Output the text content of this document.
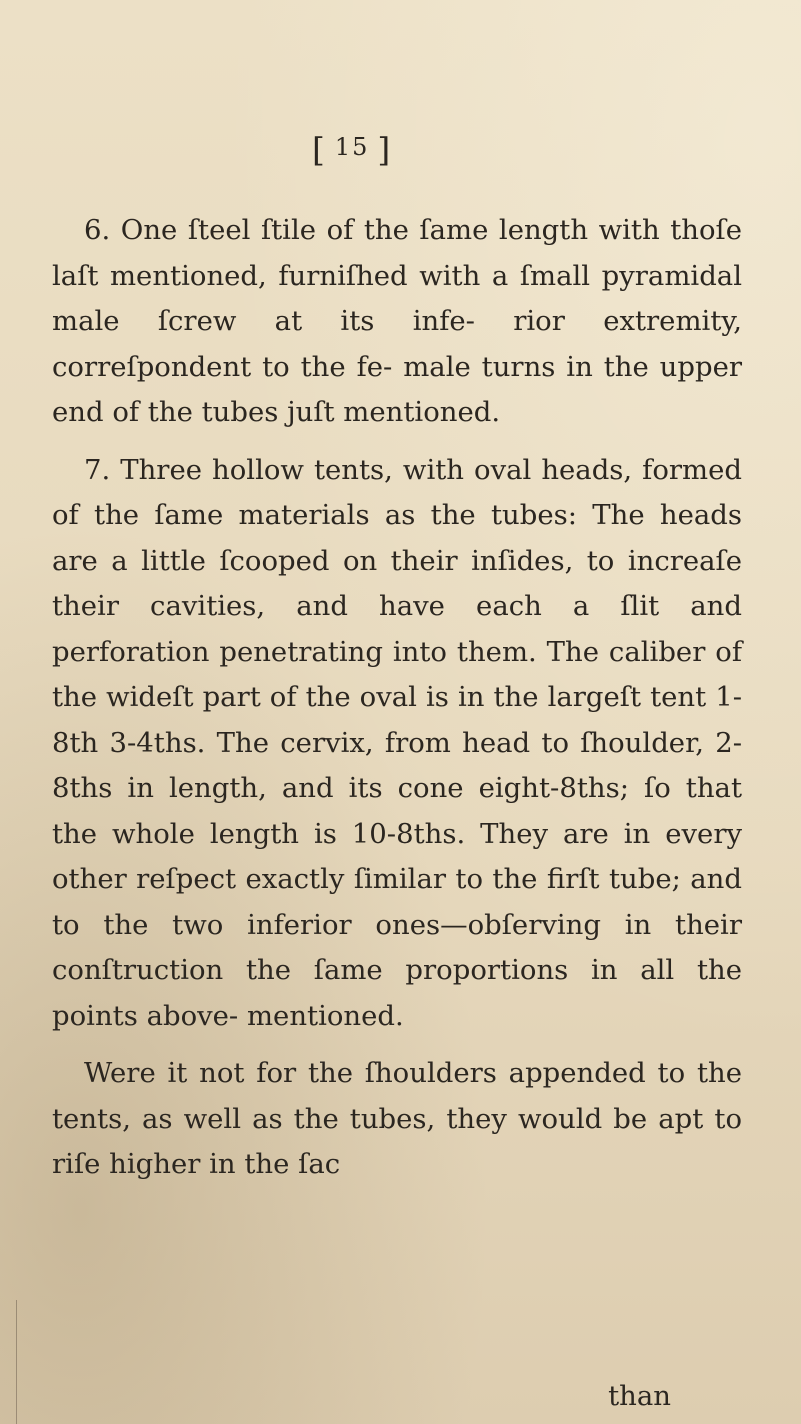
[ 15 ]

6. One ſteel ſtile of the ſame length with thoſe laſt mentioned, furniſhed with a ſmall pyramidal male ſcrew at its infe- rior extremity, correſpondent to the fe- male turns in the upper end of the tubes juſt mentioned.

7. Three hollow tents, with oval heads, formed of the ſame materials as the tubes: The heads are a little ſcooped on their inſides, to increaſe their cavities, and have each a ſlit and perforation penetrating into them. The caliber of the wideſt part of the oval is in the largeſt tent 1-8th 3-4ths. The cervix, from head to ſhoulder, 2-8ths in length, and its cone eight-8ths; ſo that the whole length is 10-8ths. They are in every other reſpect exactly ſimilar to the firſt tube; and to the two inferior ones—obſerving in their conſtruction the ſame proportions in all the points above- mentioned.

Were it not for the ſhoulders appended to the tents, as well as the tubes, they would be apt to riſe higher in the ſac

than
